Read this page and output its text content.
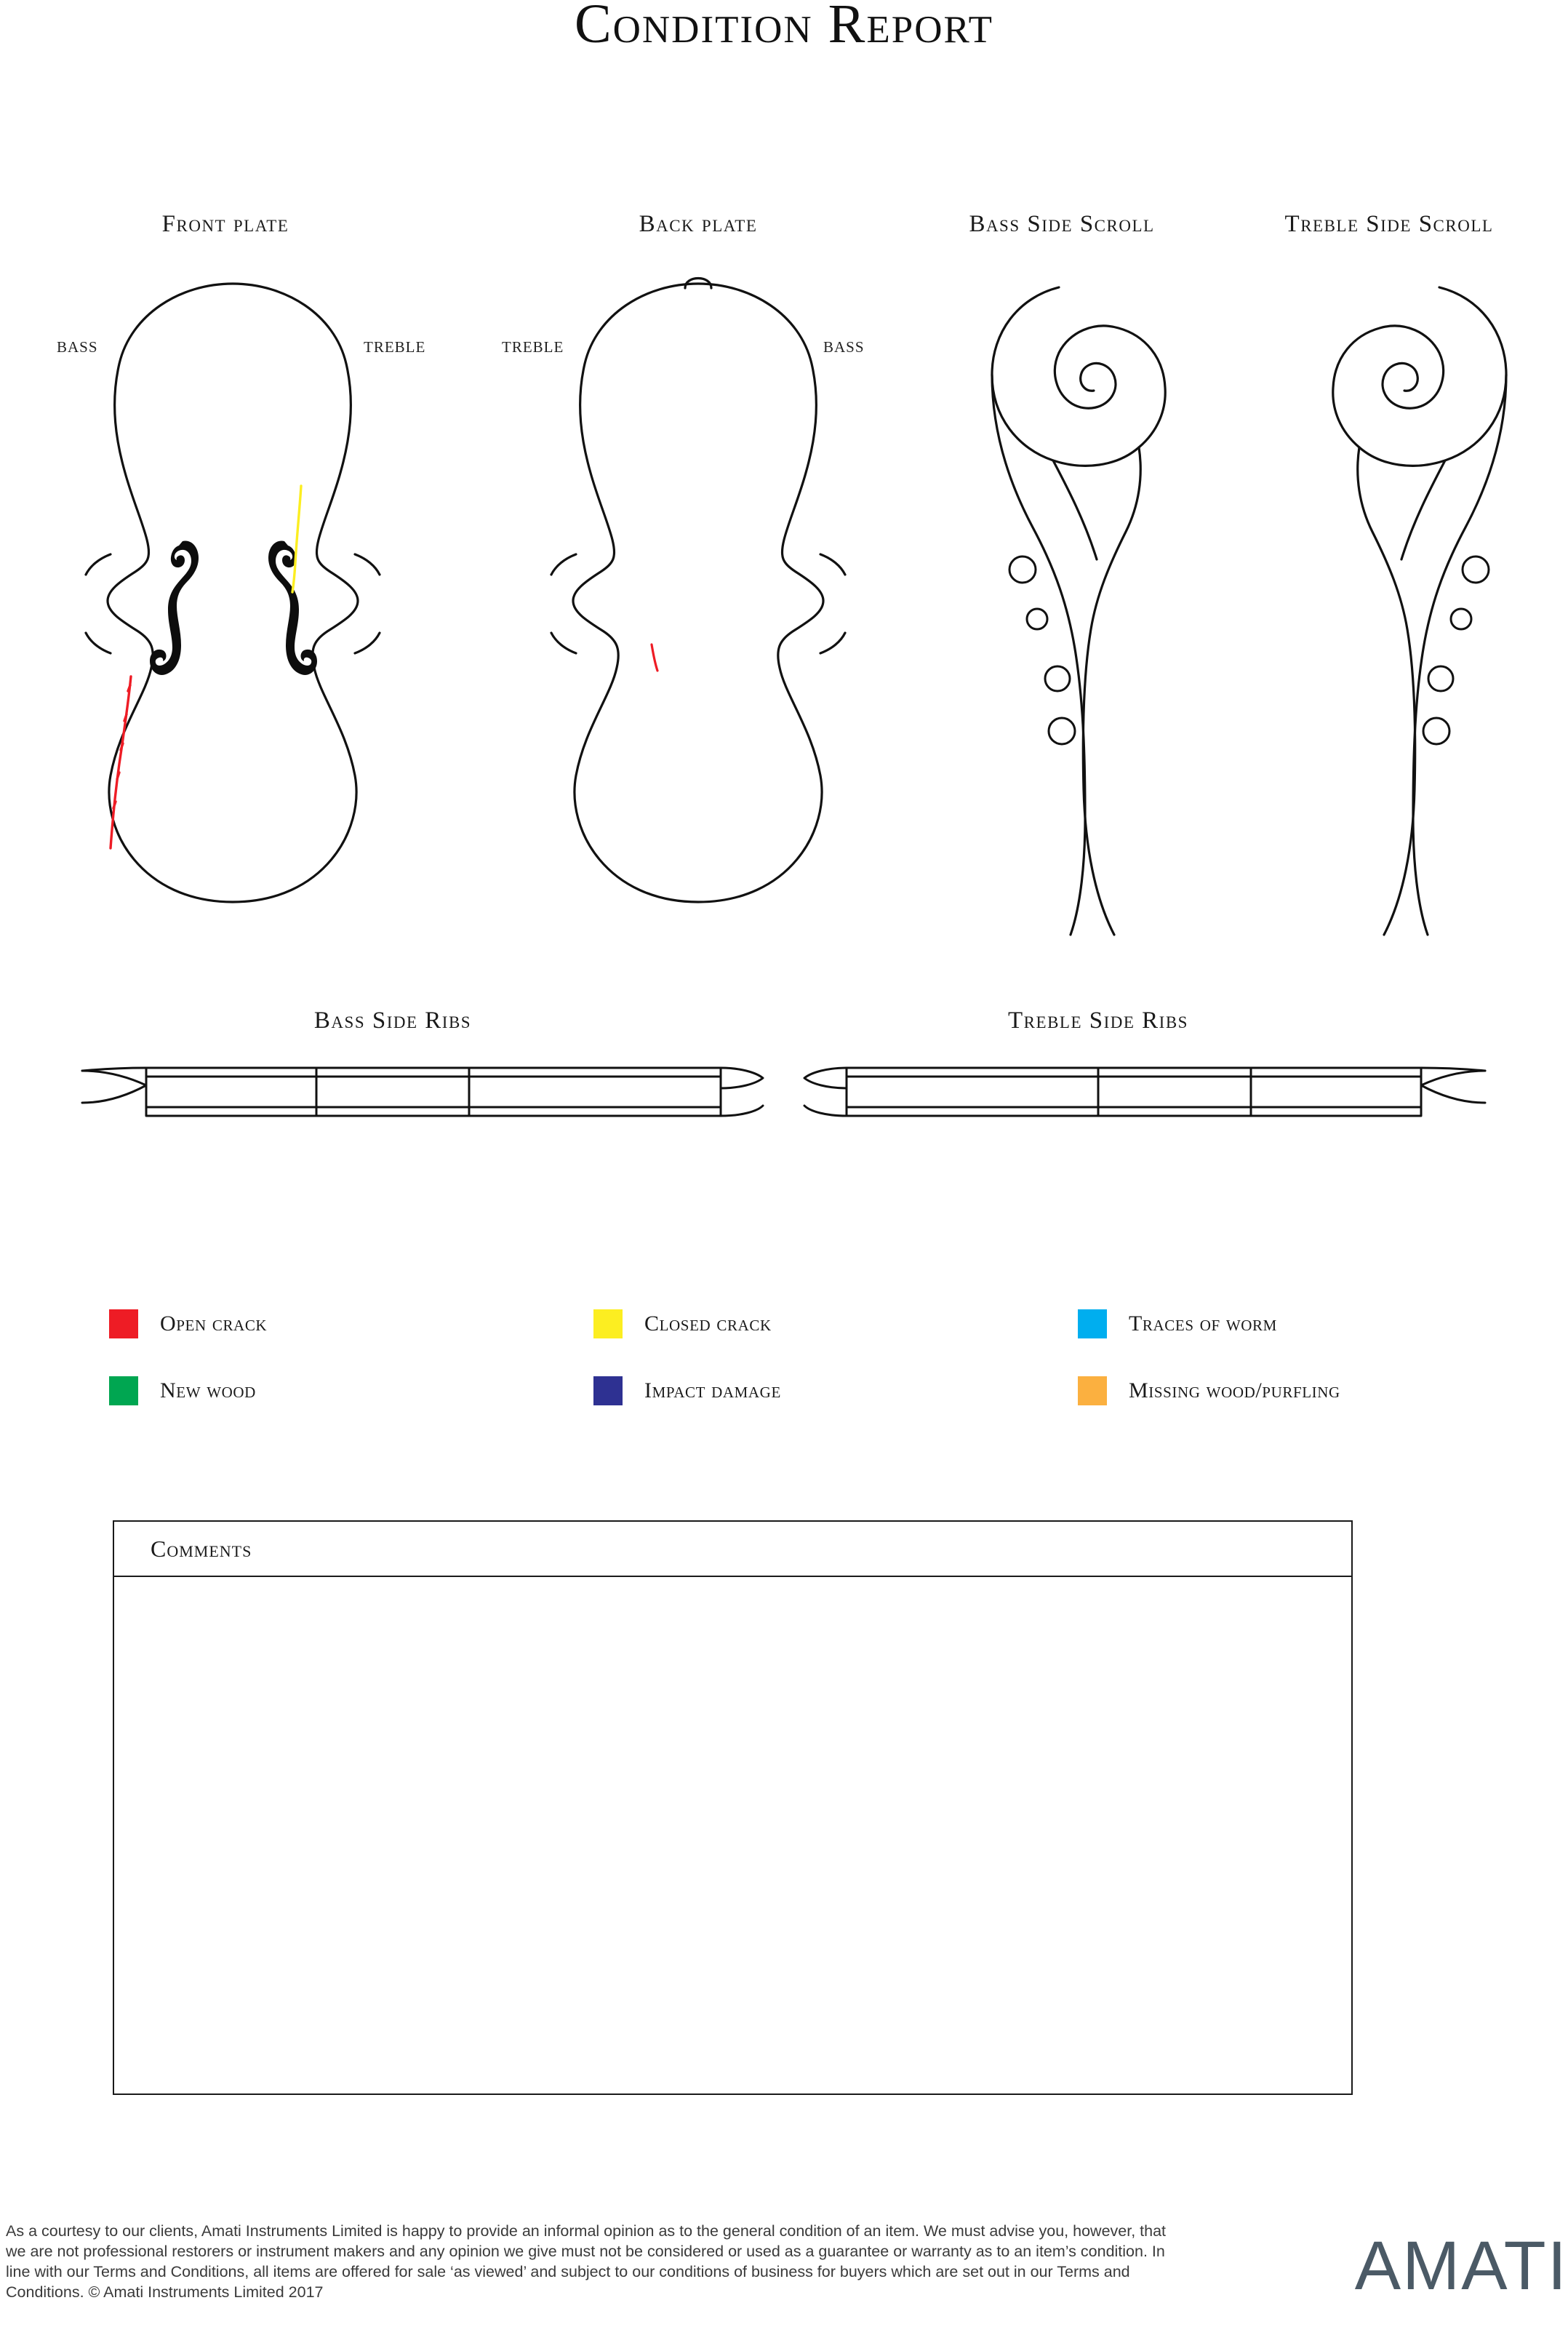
Condition Report
Front plate	Back plate	Bass Side Scroll	Treble Side Scroll
BASS	TREBLE	TREBLE	BASS
Bass Side Ribs	Treble Side Ribs
Open crack	Closed crack	Traces of worm
New wood	Impact damage	Missing wood/purfling
Comments
As a courtesy to our clients, Amati Instruments Limited is happy to provide an informal opinion as to the general condition of an item. We must advise you, however, that we are not professional restorers or instrument makers and any opinion we give must not be considered or used as a guarantee or warranty as to an item’s condition. In line with our Terms and Conditions, all items are offered for sale ‘as viewed’ and subject to our conditions of business for buyers which are set out in our Terms and Conditions. © Amati Instruments Limited 2017	AMATI
